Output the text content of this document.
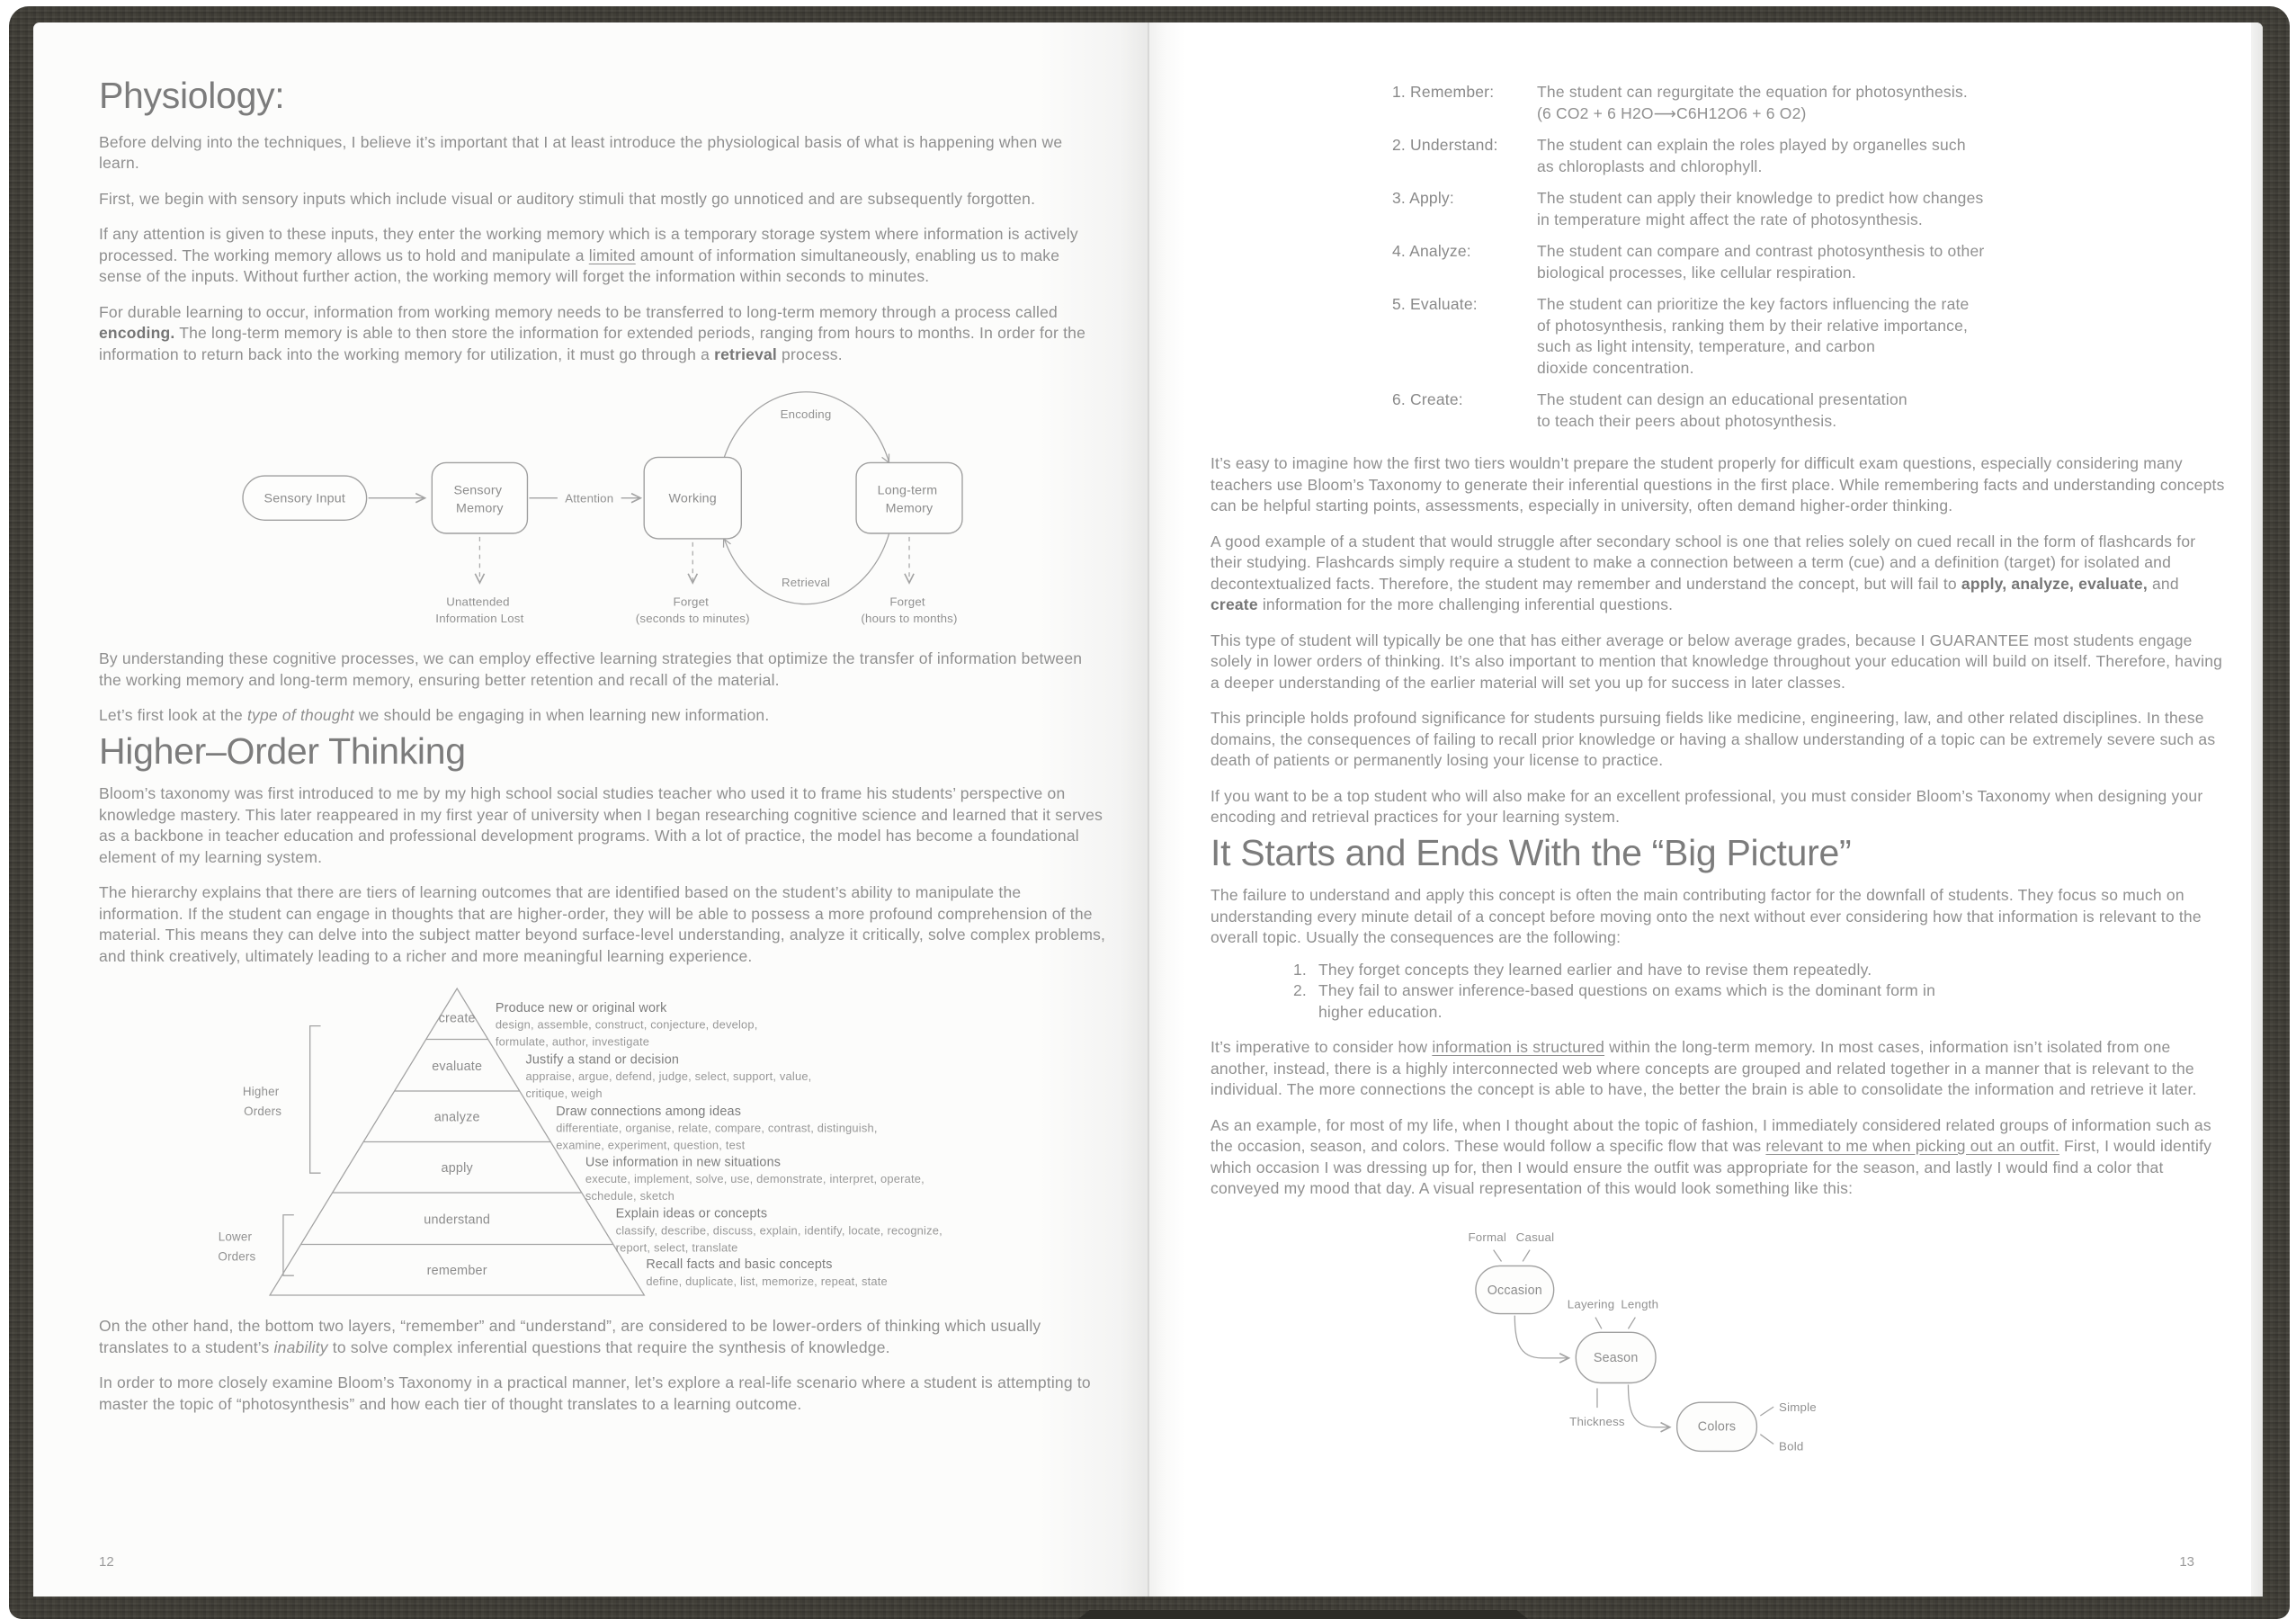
Physiology:

Before delving into the techniques, I believe it’s important that I at least introduce the physiological basis of what is happening when we learn.

First, we begin with sensory inputs which include visual or auditory stimuli that mostly go unnoticed and are subsequently forgotten.

If any attention is given to these inputs, they enter the working memory which is a temporary storage system where information is actively processed. The working memory allows us to hold and manipulate a limited amount of information simultaneously, enabling us to make sense of the inputs. Without further action, the working memory will forget the information within seconds to minutes.

For durable learning to occur, information from working memory needs to be transferred to long-term memory through a process called encoding. The long-term memory is able to then store the information for extended periods, ranging from hours to months. In order for the information to return back into the working memory for utilization, it must go through a retrieval process.

Encoding
Retrieval
Sensory Input
Sensory Memory
Attention	Working
Long-term Memory
Unattended Information Lost
Forget (seconds to minutes)
Forget (hours to months)

By understanding these cognitive processes, we can employ effective learning strategies that optimize the transfer of information between the working memory and long-term memory, ensuring better retention and recall of the material.

Let’s first look at the type of thought we should be engaging in when learning new information.

Higher–Order Thinking

Bloom’s taxonomy was first introduced to me by my high school social studies teacher who used it to frame his students’ perspective on knowledge mastery. This later reappeared in my first year of university when I began researching cognitive science and learned that it serves as a backbone in teacher education and professional development programs. With a lot of practice, the model has become a foundational element of my learning system.

The hierarchy explains that there are tiers of learning outcomes that are identified based on the student’s ability to manipulate the information. If the student can engage in thoughts that are higher-order, they will be able to possess a more profound comprehension of the material. This means they can delve into the subject matter beyond surface-level understanding, analyze it critically, solve complex problems, and think creatively, ultimately leading to a richer and more meaningful learning experience.

create
evaluate
analyze
apply
understand
remember
Produce new or original work
design, assemble, construct, conjecture, develop,
formulate, author, investigate
Justify a stand or decision
appraise, argue, defend, judge, select, support, value,
critique, weigh
Draw connections among ideas
differentiate, organise, relate, compare, contrast, distinguish,
examine, experiment, question, test
Use information in new situations
execute, implement, solve, use, demonstrate, interpret, operate,
schedule, sketch
Explain ideas or concepts
classify, describe, discuss, explain, identify, locate, recognize,
report, select, translate
Recall facts and basic concepts
define, duplicate, list, memorize, repeat, state
Higher Orders
Lower Orders

On the other hand, the bottom two layers, “remember” and “understand”, are considered to be lower-orders of thinking which usually translates to a student’s inability to solve complex inferential questions that require the synthesis of knowledge.

In order to more closely examine Bloom’s Taxonomy in a practical manner, let’s explore a real-life scenario where a student is attempting to master the topic of “photosynthesis” and how each tier of thought translates to a learning outcome.

12
1. Remember:	The student can regurgitate the equation for photosynthesis.
(6 CO2 + 6 H2O⟶C6H12O6 + 6 O2)
2. Understand:	The student can explain the roles played by organelles such
as chloroplasts and chlorophyll.
3. Apply:	The student can apply their knowledge to predict how changes
in temperature might affect the rate of photosynthesis.
4. Analyze:	The student can compare and contrast photosynthesis to other
biological processes, like cellular respiration.
5. Evaluate:	The student can prioritize the key factors influencing the rate
of photosynthesis, ranking them by their relative importance,
such as light intensity, temperature, and carbon
dioxide concentration.
6. Create:	The student can design an educational presentation
to teach their peers about photosynthesis.

It’s easy to imagine how the first two tiers wouldn’t prepare the student properly for difficult exam questions, especially considering many teachers use Bloom’s Taxonomy to generate their inferential questions in the first place. While remembering facts and understanding concepts can be helpful starting points, assessments, especially in university, often demand higher-order thinking.

A good example of a student that would struggle after secondary school is one that relies solely on cued recall in the form of flashcards for their studying. Flashcards simply require a student to make a connection between a term (cue) and a definition (target) for isolated and decontextualized facts. Therefore, the student may remember and understand the concept, but will fail to apply, analyze, evaluate, and create information for the more challenging inferential questions.

This type of student will typically be one that has either average or below average grades, because I GUARANTEE most students engage solely in lower orders of thinking. It’s also important to mention that knowledge throughout your education will build on itself. Therefore, having a deeper understanding of the earlier material will set you up for success in later classes.

This principle holds profound significance for students pursuing fields like medicine, engineering, law, and other related disciplines. In these domains, the consequences of failing to recall prior knowledge or having a shallow understanding of a topic can be extremely severe such as death of patients or permanently losing your license to practice.

If you want to be a top student who will also make for an excellent professional, you must consider Bloom’s Taxonomy when designing your encoding and retrieval practices for your learning system.

It Starts and Ends With the “Big Picture”

The failure to understand and apply this concept is often the main contributing factor for the downfall of students. They focus so much on understanding every minute detail of a concept before moving onto the next without ever considering how that information is relevant to the overall topic. Usually the consequences are the following:

1. They forget concepts they learned earlier and have to revise them repeatedly.
2. They fail to answer inference-based questions on exams which is the dominant form in
higher education.

It’s imperative to consider how information is structured within the long-term memory. In most cases, information isn’t isolated from one another, instead, there is a highly interconnected web where concepts are grouped and related together in a manner that is relevant to the individual. The more connections the concept is able to have, the better the brain is able to consolidate the information and retrieve it later.

As an example, for most of my life, when I thought about the topic of fashion, I immediately considered related groups of information such as the occasion, season, and colors. These would follow a specific flow that was relevant to me when picking out an outfit. First, I would identify which occasion I was dressing up for, then I would ensure the outfit was appropriate for the season, and lastly I would find a color that conveyed my mood that day. A visual representation of this would look something like this:

Formal Casual
Occasion
Layering Length
Season
Thickness	Colors
Simple
Bold
13
